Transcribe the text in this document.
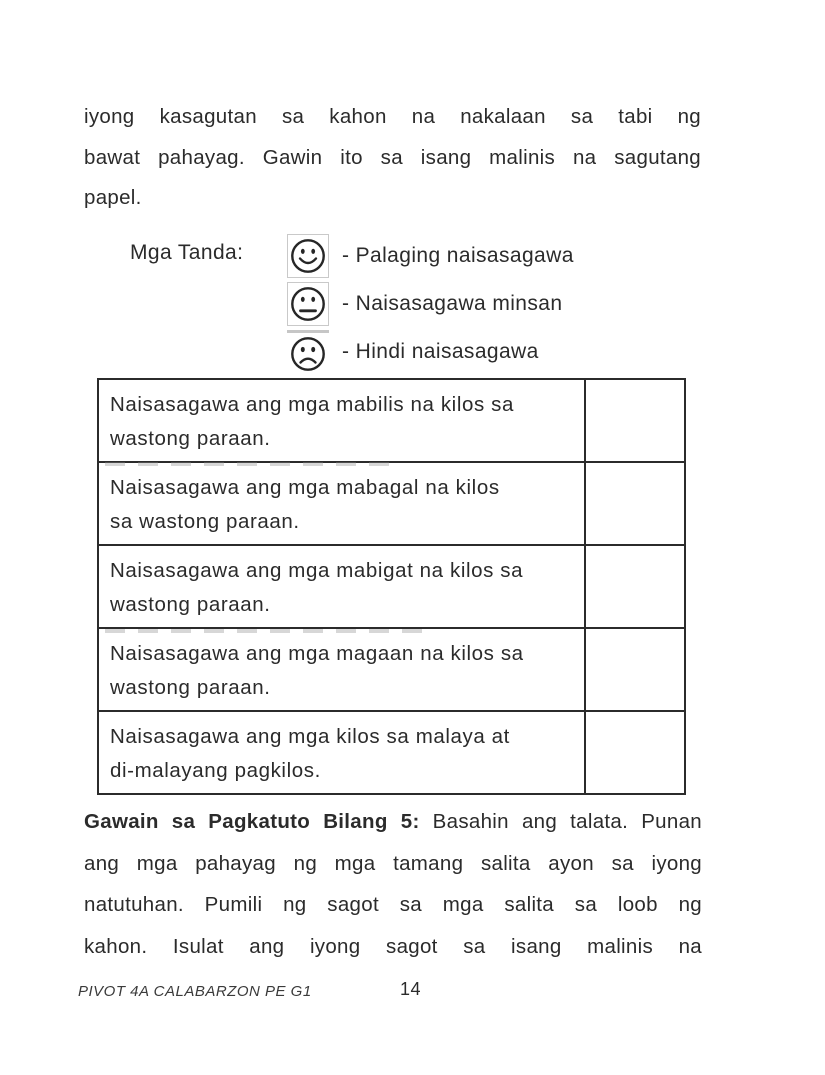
iyong kasagutan sa kahon na nakalaan sa tabi ng
bawat pahayag. Gawin ito sa isang malinis na sagutang
papel.
Mga Tanda:	- Palaging naisasagawa
- Naisasagawa minsan
- Hindi naisasagawa
Naisasagawa ang mga mabilis na kilos sa
wastong paraan.	

Naisasagawa ang mga mabagal na kilos
sa wastong paraan.	

Naisasagawa ang mga mabigat na kilos sa
wastong paraan.	

Naisasagawa ang mga magaan na kilos sa
wastong paraan.	

Naisasagawa ang mga kilos sa malaya at
di-malayang pagkilos.	

Gawain sa Pagkatuto Bilang 5: Basahin ang talata. Punan
ang mga pahayag ng mga tamang salita ayon sa iyong
natutuhan. Pumili ng sagot sa mga salita sa loob ng
kahon. Isulat ang iyong sagot sa isang malinis na
PIVOT 4A CALABARZON PE G1	14
